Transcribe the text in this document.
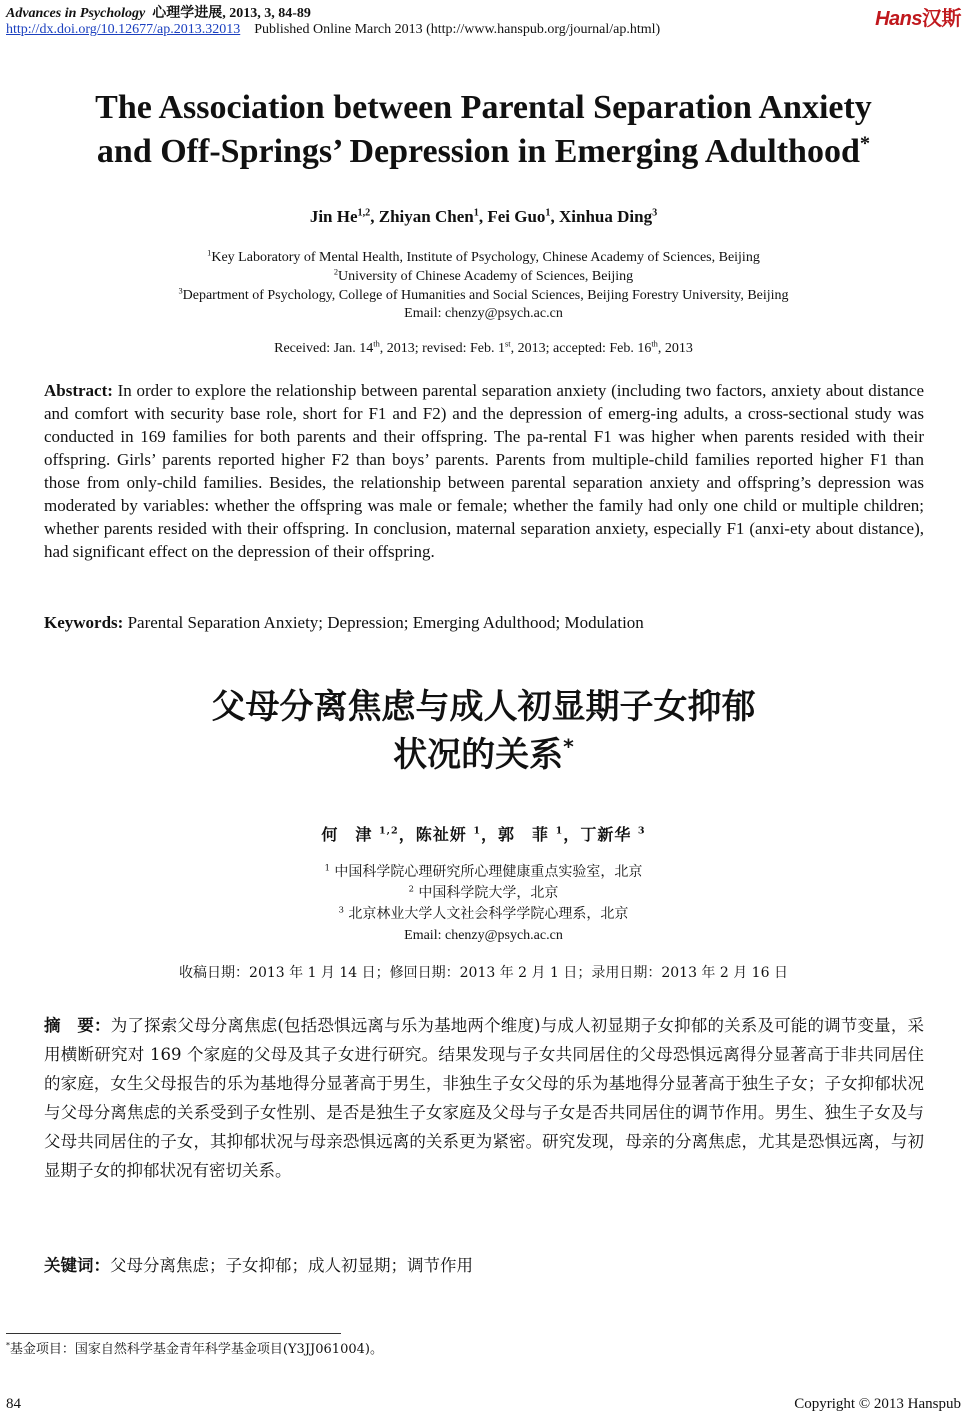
Advances in Psychology 心理学进展, 2013, 3, 84-89
http://dx.doi.org/10.12677/ap.2013.32013 Published Online March 2013 (http://www.hanspub.org/journal/ap.html)	Hans汉斯
The Association between Parental Separation Anxiety
and Off-Springs’ Depression in Emerging Adulthood*
Jin He$^{1,2}$, Zhiyan Chen$^1$, Fei Guo$^1$, Xinhua Ding$^3$
$^1$Key Laboratory of Mental Health, Institute of Psychology, Chinese Academy of Sciences, Beijing
$^2$University of Chinese Academy of Sciences, Beijing
$^3$Department of Psychology, College of Humanities and Social Sciences, Beijing Forestry University, Beijing
Email: chenzy@psych.ac.cn
Received: Jan. 14th, 2013; revised: Feb. 1st, 2013; accepted: Feb. 16th, 2013
Abstract: In order to explore the relationship between parental separation anxiety (including two factors, anxiety about distance and comfort with security base role, short for F1 and F2) and the depression of emerg-ing adults, a cross-sectional study was conducted in 169 families for both parents and their offspring. The pa-rental F1 was higher when parents resided with their offspring. Girls’ parents reported higher F2 than boys’ parents. Parents from multiple-child families reported higher F1 than those from only-child families. Besides, the relationship between parental separation anxiety and offspring’s depression was moderated by variables: whether the offspring was male or female; whether the family had only one child or multiple children; whether parents resided with their offspring. In conclusion, maternal separation anxiety, especially F1 (anxi-ety about distance), had significant effect on the depression of their offspring.
Keywords: Parental Separation Anxiety; Depression; Emerging Adulthood; Modulation
父母分离焦虑与成人初显期子女抑郁
状况的关系*
何　津 $^{1,2}$，陈祉妍 $^1$，郭　菲 $^1$，丁新华 $^3$
$^1$ 中国科学院心理研究所心理健康重点实验室，北京
$^2$ 中国科学院大学，北京
$^3$ 北京林业大学人文社会科学学院心理系，北京
Email: chenzy@psych.ac.cn
收稿日期：2013 年 1 月 14 日；修回日期：2013 年 2 月 1 日；录用日期：2013 年 2 月 16 日
摘　要：为了探索父母分离焦虑(包括恐惧远离与乐为基地两个维度)与成人初显期子女抑郁的关系及可能的调节变量，采用横断研究对 169 个家庭的父母及其子女进行研究。结果发现与子女共同居住的父母恐惧远离得分显著高于非共同居住的家庭，女生父母报告的乐为基地得分显著高于男生，非独生子女父母的乐为基地得分显著高于独生子女；子女抑郁状况与父母分离焦虑的关系受到子女性别、是否是独生子女家庭及父母与子女是否共同居住的调节作用。男生、独生子女及与父母共同居住的子女，其抑郁状况与母亲恐惧远离的关系更为紧密。研究发现，母亲的分离焦虑，尤其是恐惧远离，与初显期子女的抑郁状况有密切关系。
关键词：父母分离焦虑；子女抑郁；成人初显期；调节作用
*基金项目：国家自然科学基金青年科学基金项目(Y3JJ061004)。
84	Copyright © 2013 Hanspub
